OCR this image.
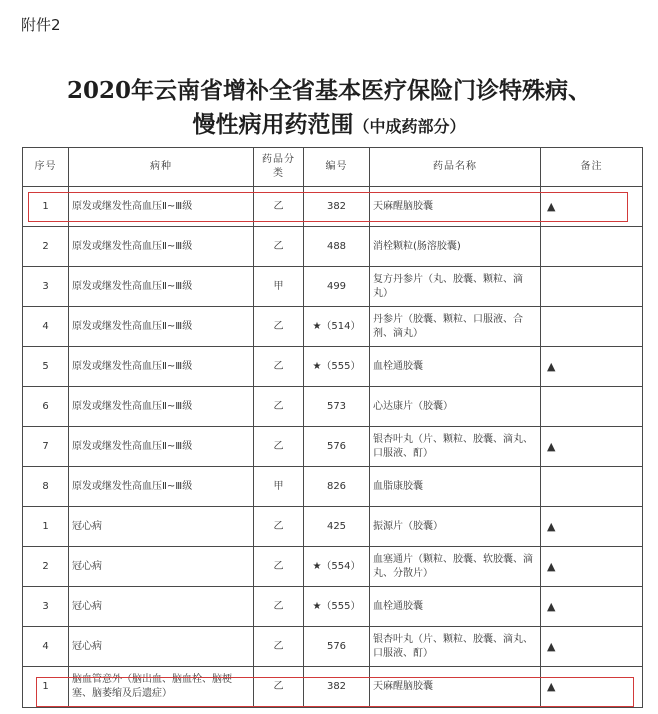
附件2
2020年云南省增补全省基本医疗保险门诊特殊病、
慢性病用药范围（中成药部分）
序号	病种	药品分类	编号	药品名称	备注
1	原发或继发性高血压Ⅱ~Ⅲ级	乙	382	天麻醒脑胶囊	▲
2	原发或继发性高血压Ⅱ~Ⅲ级	乙	488	消栓颗粒(肠溶胶囊)	
3	原发或继发性高血压Ⅱ~Ⅲ级	甲	499	复方丹参片（丸、胶囊、颗粒、滴丸）	
4	原发或继发性高血压Ⅱ~Ⅲ级	乙	★（514）	丹参片（胶囊、颗粒、口服液、合剂、滴丸）	
5	原发或继发性高血压Ⅱ~Ⅲ级	乙	★（555）	血栓通胶囊	▲
6	原发或继发性高血压Ⅱ~Ⅲ级	乙	573	心达康片（胶囊）	
7	原发或继发性高血压Ⅱ~Ⅲ级	乙	576	银杏叶丸（片、颗粒、胶囊、滴丸、口服液、酊）	▲
8	原发或继发性高血压Ⅱ~Ⅲ级	甲	826	血脂康胶囊	
1	冠心病	乙	425	振源片（胶囊）	▲
2	冠心病	乙	★（554）	血塞通片（颗粒、胶囊、软胶囊、滴丸、分散片）	▲
3	冠心病	乙	★（555）	血栓通胶囊	▲
4	冠心病	乙	576	银杏叶丸（片、颗粒、胶囊、滴丸、口服液、酊）	▲
1	脑血管意外（脑出血、脑血栓、脑梗塞、脑萎缩及后遗症）	乙	382	天麻醒脑胶囊	▲
